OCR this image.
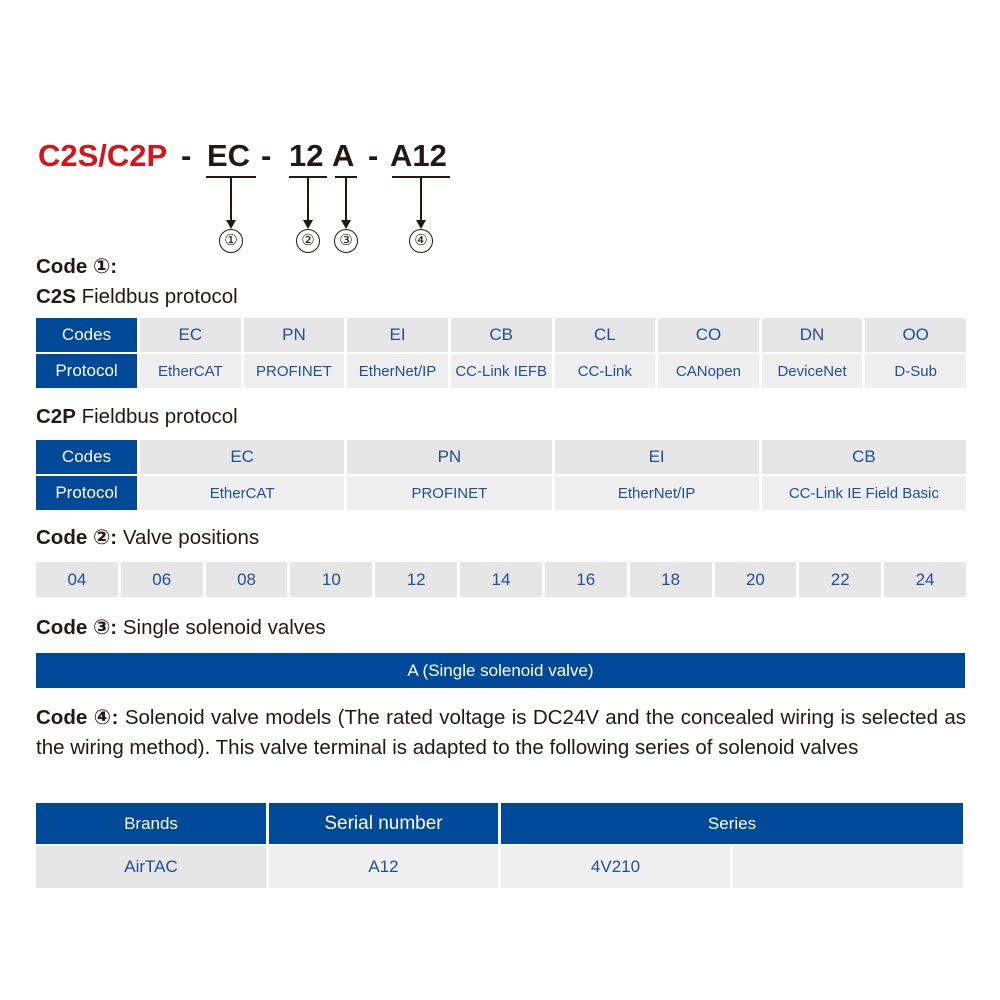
C2S/C2P - EC - 12 A - A12
①	②	③	④
Code ①:
C2S Fieldbus protocol
Codes	EC	PN	EI	CB	CL	CO	DN	OO
Protocol	EtherCAT	PROFINET	EtherNet/IP	CC-Link IEFB	CC-Link	CANopen	DeviceNet	D-Sub
C2P Fieldbus protocol
Codes	EC	PN	EI	CB
Protocol	EtherCAT	PROFINET	EtherNet/IP	CC-Link IE Field Basic
Code ②: Valve positions
04	06	08	10	12	14	16	18	20	22	24
Code ③: Single solenoid valves
A (Single solenoid valve)
Code ④: Solenoid valve models (The rated voltage is DC24V and the concealed wiring is selected as the wiring method). This valve terminal is adapted to the following series of solenoid valves
Brands	Serial number	Series	
AirTAC	A12	4V210	
